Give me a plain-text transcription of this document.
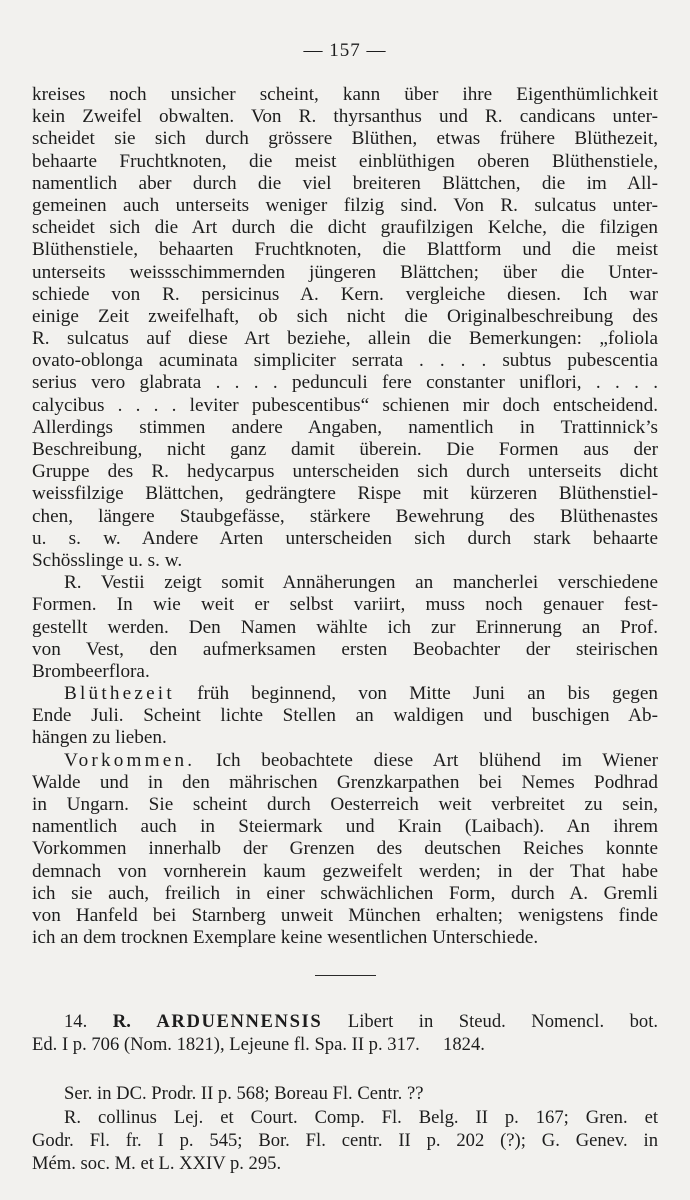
— 157 —
kreises noch unsicher scheint, kann über ihre Eigenthümlichkeit
kein Zweifel obwalten. Von R. thyrsanthus und R. candicans unter-
scheidet sie sich durch grössere Blüthen, etwas frühere Blüthezeit,
behaarte Fruchtknoten, die meist einblüthigen oberen Blüthenstiele,
namentlich aber durch die viel breiteren Blättchen, die im All-
gemeinen auch unterseits weniger filzig sind. Von R. sulcatus unter-
scheidet sich die Art durch die dicht graufilzigen Kelche, die filzigen
Blüthenstiele, behaarten Fruchtknoten, die Blattform und die meist
unterseits weissschimmernden jüngeren Blättchen; über die Unter-
schiede von R. persicinus A. Kern. vergleiche diesen. Ich war
einige Zeit zweifelhaft, ob sich nicht die Originalbeschreibung des
R. sulcatus auf diese Art beziehe, allein die Bemerkungen: „foliola
ovato-oblonga acuminata simpliciter serrata . . . . subtus pubescentia
serius vero glabrata . . . . pedunculi fere constanter uniflori, . . . .
calycibus . . . . leviter pubescentibus“ schienen mir doch entscheidend.
Allerdings stimmen andere Angaben, namentlich in Trattinnick’s
Beschreibung, nicht ganz damit überein. Die Formen aus der
Gruppe des R. hedycarpus unterscheiden sich durch unterseits dicht
weissfilzige Blättchen, gedrängtere Rispe mit kürzeren Blüthenstiel-
chen, längere Staubgefässe, stärkere Bewehrung des Blüthenastes
u. s. w. Andere Arten unterscheiden sich durch stark behaarte
Schösslinge u. s. w.
R. Vestii zeigt somit Annäherungen an mancherlei verschiedene
Formen. In wie weit er selbst variirt, muss noch genauer fest-
gestellt werden. Den Namen wählte ich zur Erinnerung an Prof.
von Vest, den aufmerksamen ersten Beobachter der steirischen
Brombeerflora.
Blüthezeit früh beginnend, von Mitte Juni an bis gegen
Ende Juli. Scheint lichte Stellen an waldigen und buschigen Ab-
hängen zu lieben.
Vorkommen. Ich beobachtete diese Art blühend im Wiener
Walde und in den mährischen Grenzkarpathen bei Nemes Podhrad
in Ungarn. Sie scheint durch Oesterreich weit verbreitet zu sein,
namentlich auch in Steiermark und Krain (Laibach). An ihrem
Vorkommen innerhalb der Grenzen des deutschen Reiches konnte
demnach von vornherein kaum gezweifelt werden; in der That habe
ich sie auch, freilich in einer schwächlichen Form, durch A. Gremli
von Hanfeld bei Starnberg unweit München erhalten; wenigstens finde
ich an dem trocknen Exemplare keine wesentlichen Unterschiede.
14. R. ARDUENNENSIS Libert in Steud. Nomencl. bot.
Ed. I p. 706 (Nom. 1821), Lejeune fl. Spa. II p. 317.     1824.
Ser. in DC. Prodr. II p. 568; Boreau Fl. Centr. ??
R. collinus Lej. et Court. Comp. Fl. Belg. II p. 167; Gren. et
Godr. Fl. fr. I p. 545; Bor. Fl. centr. II p. 202 (?); G. Genev. in
Mém. soc. M. et L. XXIV p. 295.
